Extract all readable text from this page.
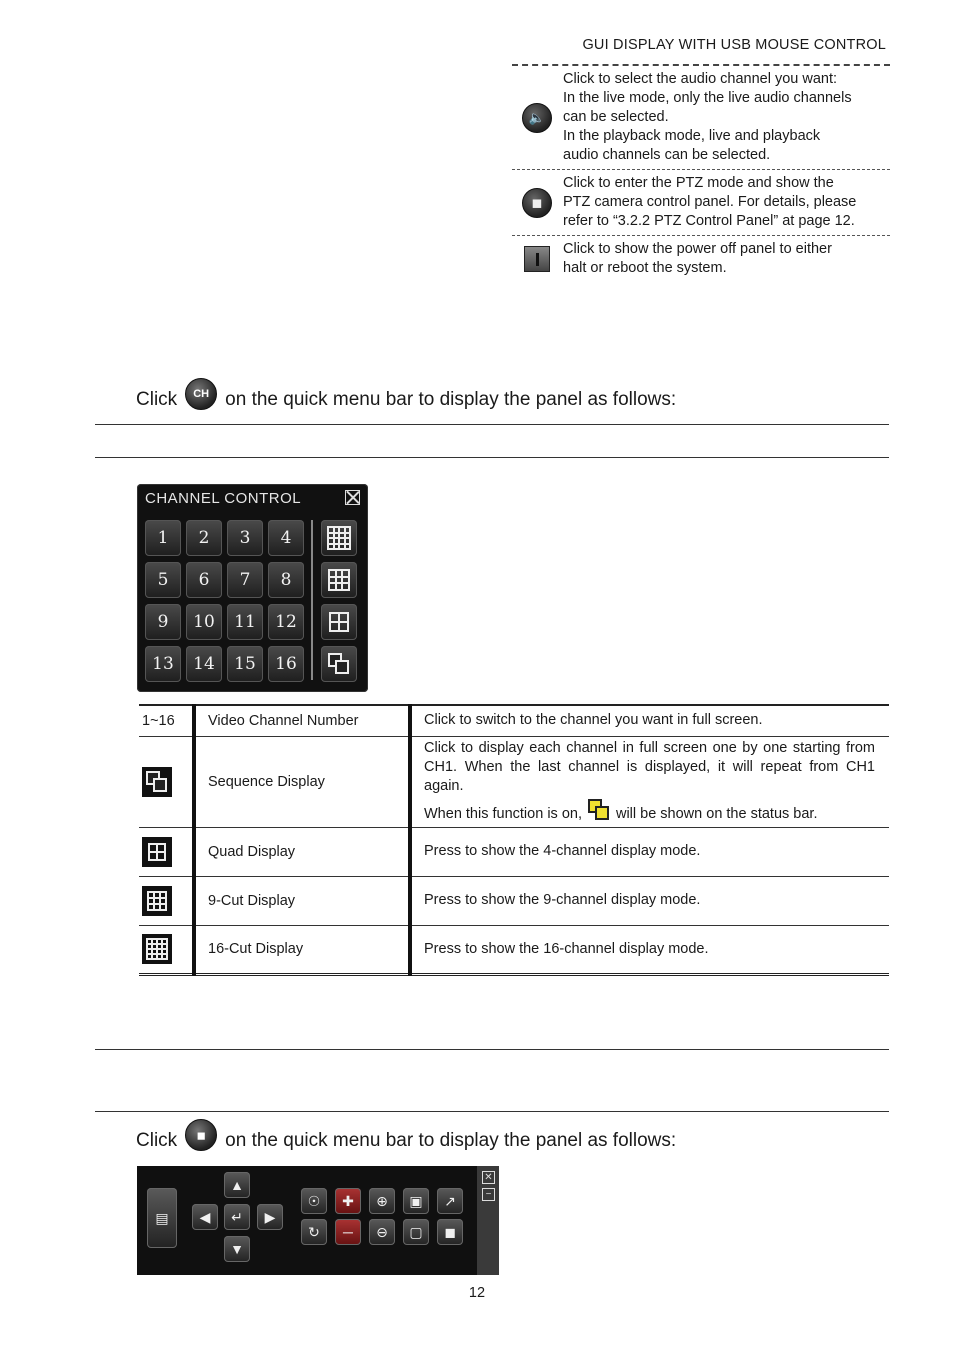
GUI DISPLAY WITH USB MOUSE CONTROL
🔈
Click to select the audio channel you want:
In the live mode, only the live audio channels
can be selected.
In the playback mode, live and playback
audio channels can be selected.
◼
Click to enter the PTZ mode and show the
PTZ camera control panel. For details, please
refer to “3.2.2 PTZ Control Panel” at page 12.
Click to show the power off panel to either
halt or reboot the system.
Click	CH on the quick menu bar to display the panel as follows:
CHANNEL CONTROL
1	2	3	4
5	6	7	8
9	10	11	12
13	14	15	16
1~16	Video Channel Number	Click to switch to the channel you want in full screen.

	Sequence Display	Click to display each channel in full screen one by one starting from CH1. When the last channel is displayed, it will repeat from CH1 again.
When this function is on, will be shown on the status bar.

	Quad Display	Press to show the 4-channel display mode.

	9-Cut Display	Press to show the 9-channel display mode.

	16-Cut Display	Press to show the 16-channel display mode.
Click	◼	on the quick menu bar to display the panel as follows:
✕
−
▤
▲
◀ ↵ ▶
▼
☉ ✚ ⊕ ▣ ↗
↻ ─ ⊖ ▢ ◼
12
